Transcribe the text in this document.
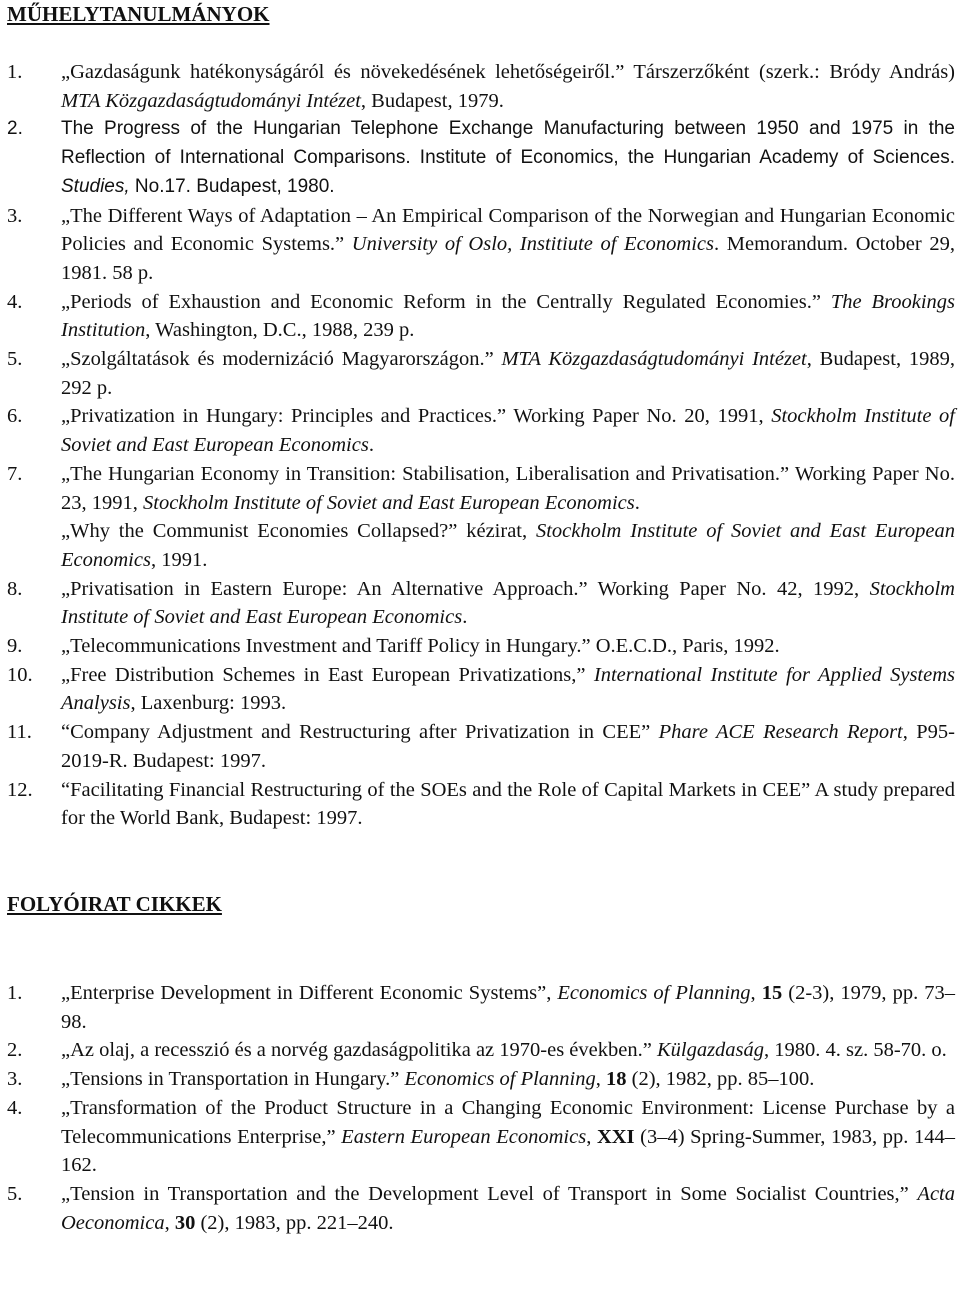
MŰHELYTANULMÁNYOK
1.	„Gazdaságunk hatékonyságáról és növekedésének lehetőségeiről.” Társzerzőként (szerk.: Bródy András) MTA Közgazdaságtudományi Intézet, Budapest, 1979.
2.	The Progress of the Hungarian Telephone Exchange Manufacturing between 1950 and 1975 in the Reflection of International Comparisons. Institute of Economics, the Hungarian Academy of Sciences. Studies, No.17. Budapest, 1980.
3.	„The Different Ways of Adaptation – An Empirical Comparison of the Norwegian and Hungarian Economic Policies and Economic Systems.” University of Oslo, Institiute of Economics. Memorandum. October 29, 1981. 58 p.
4.	„Periods of Exhaustion and Economic Reform in the Centrally Regulated Economies.” The Brookings Institution, Washington, D.C., 1988, 239 p.
5.	„Szolgáltatások és modernizáció Magyarországon.” MTA Közgazdaságtudományi Intézet, Budapest, 1989, 292 p.
6.	„Privatization in Hungary: Principles and Practices.” Working Paper No. 20, 1991, Stockholm Institute of Soviet and East European Economics.
7.	„The Hungarian Economy in Transition: Stabilisation, Liberalisation and Privatisation.” Working Paper No. 23, 1991, Stockholm Institute of Soviet and East European Economics.
„Why the Communist Economies Collapsed?” kézirat, Stockholm Institute of Soviet and East European Economics, 1991.
8.	„Privatisation in Eastern Europe: An Alternative Approach.” Working Paper No. 42, 1992, Stockholm Institute of Soviet and East European Economics.
9.	„Telecommunications Investment and Tariff Policy in Hungary.” O.E.C.D., Paris, 1992.
10.	„Free Distribution Schemes in East European Privatizations,” International Institute for Applied Systems Analysis, Laxenburg: 1993.
11.	“Company Adjustment and Restructuring after Privatization in CEE” Phare ACE Research Report, P95-2019-R. Budapest: 1997.
12.	“Facilitating Financial Restructuring of the SOEs and the Role of Capital Markets in CEE” A study prepared for the World Bank, Budapest: 1997.
FOLYÓIRAT CIKKEK
1.	„Enterprise Development in Different Economic Systems”, Economics of Planning, 15 (2-3), 1979, pp. 73–98.
2.	„Az olaj, a recesszió és a norvég gazdaságpolitika az 1970-es években.” Külgazdaság, 1980. 4. sz. 58-70. o.
3.	„Tensions in Transportation in Hungary.” Economics of Planning, 18 (2), 1982, pp. 85–100.
4.	„Transformation of the Product Structure in a Changing Economic Environment: License Purchase by a Telecommunications Enterprise,” Eastern European Economics, XXI (3–4) Spring-Summer, 1983, pp. 144–162.
5.	„Tension in Transportation and the Development Level of Transport in Some Socialist Countries,” Acta Oeconomica, 30 (2), 1983, pp. 221–240.
